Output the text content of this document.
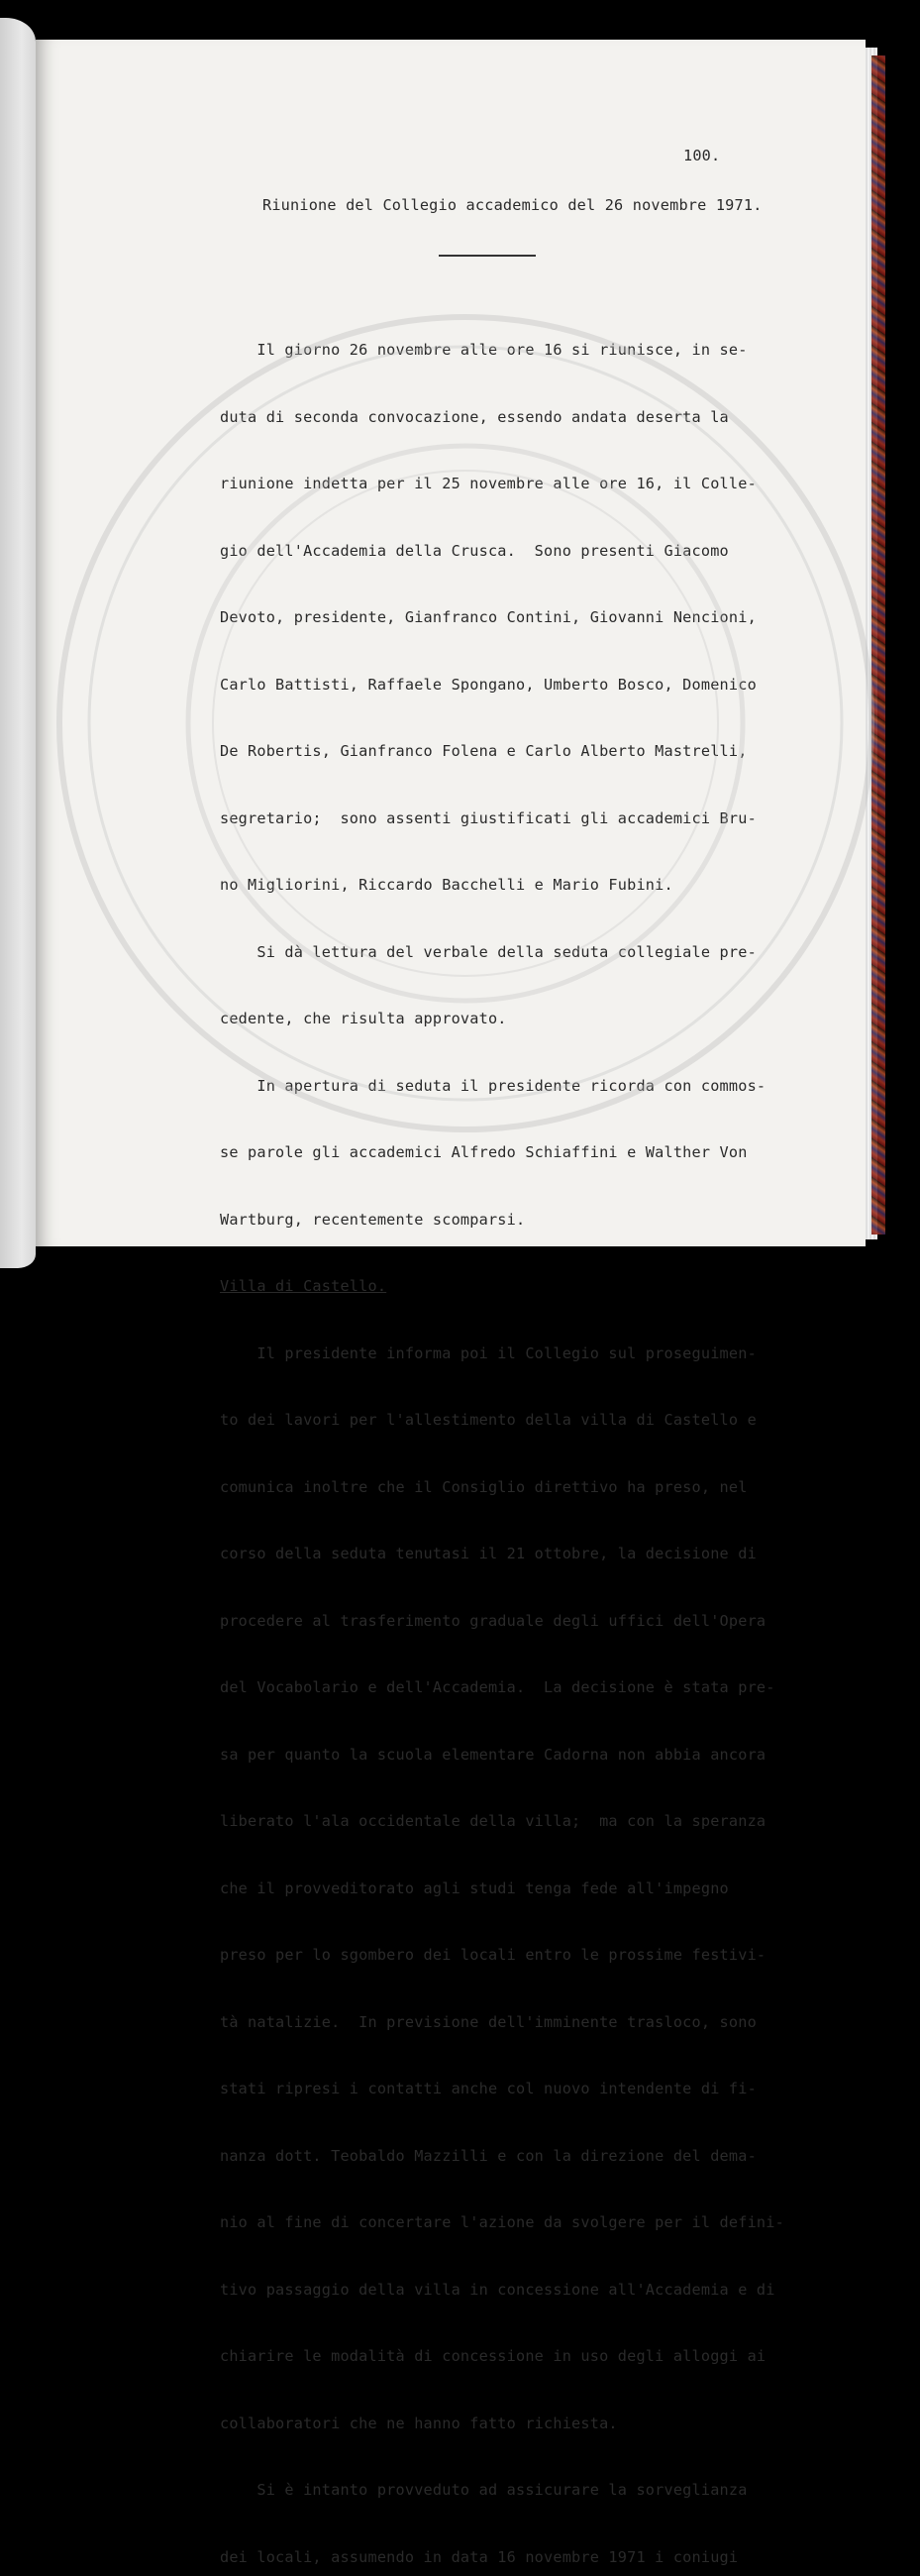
100.
Riunione del Collegio accademico del 26 novembre 1971.

Il giorno 26 novembre alle ore 16 si riunisce, in se-

duta di seconda convocazione, essendo andata deserta la

riunione indetta per il 25 novembre alle ore 16, il Colle-

gio dell'Accademia della Crusca.  Sono presenti Giacomo

Devoto, presidente, Gianfranco Contini, Giovanni Nencioni,

Carlo Battisti, Raffaele Spongano, Umberto Bosco, Domenico

De Robertis, Gianfranco Folena e Carlo Alberto Mastrelli,

segretario;  sono assenti giustificati gli accademici Bru-

no Migliorini, Riccardo Bacchelli e Mario Fubini.

Si dà lettura del verbale della seduta collegiale pre-

cedente, che risulta approvato.

In apertura di seduta il presidente ricorda con commos-

se parole gli accademici Alfredo Schiaffini e Walther Von

Wartburg, recentemente scomparsi.

Villa di Castello.

Il presidente informa poi il Collegio sul proseguimen-

to dei lavori per l'allestimento della villa di Castello e

comunica inoltre che il Consiglio direttivo ha preso, nel

corso della seduta tenutasi il 21 ottobre, la decisione di

procedere al trasferimento graduale degli uffici dell'Opera

del Vocabolario e dell'Accademia.  La decisione è stata pre-

sa per quanto la scuola elementare Cadorna non abbia ancora

liberato l'ala occidentale della villa;  ma con la speranza

che il provveditorato agli studi tenga fede all'impegno

preso per lo sgombero dei locali entro le prossime festivi-

tà natalizie.  In previsione dell'imminente trasloco, sono

stati ripresi i contatti anche col nuovo intendente di fi-

nanza dott. Teobaldo Mazzilli e con la direzione del dema-

nio al fine di concertare l'azione da svolgere per il defini-

tivo passaggio della villa in concessione all'Accademia e di

chiarire le modalità di concessione in uso degli alloggi ai

collaboratori che ne hanno fatto richiesta.

Si è intanto provveduto ad assicurare la sorveglianza

dei locali, assumendo in data 16 novembre 1971 i coniugi
